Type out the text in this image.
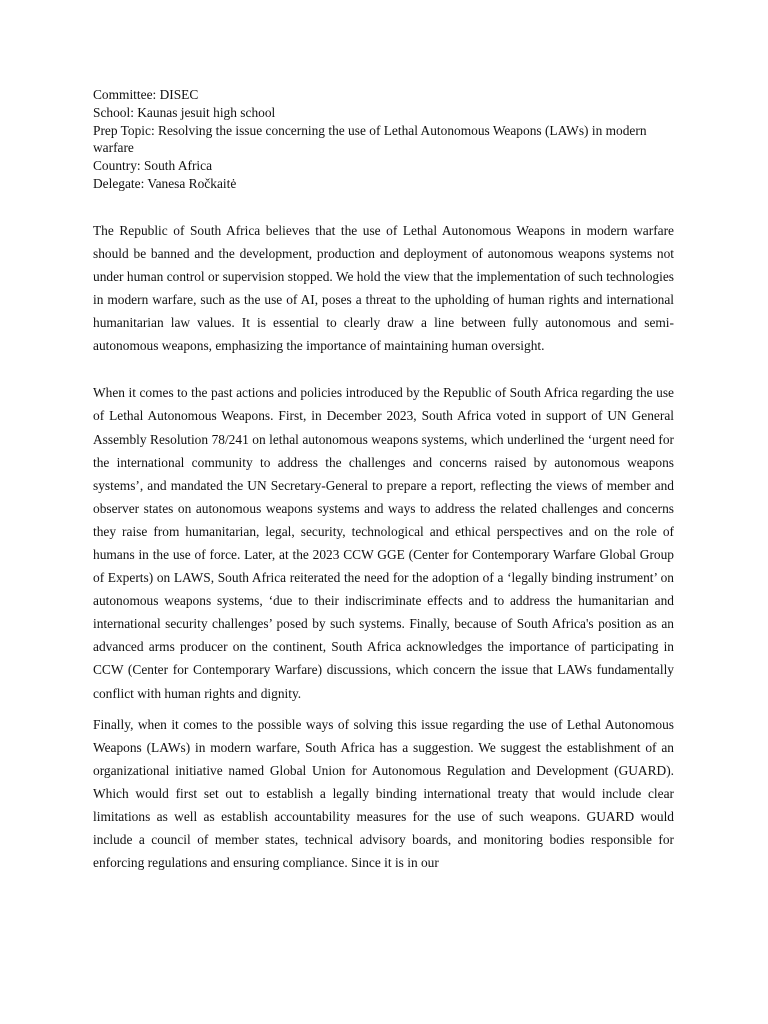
Committee: DISEC
School: Kaunas jesuit high school
Prep Topic: Resolving the issue concerning the use of Lethal Autonomous Weapons (LAWs) in modern warfare
Country: South Africa
Delegate: Vanesa Ročkaitė

The Republic of South Africa believes that the use of Lethal Autonomous Weapons in modern warfare should be banned and the development, production and deployment of autonomous weapons systems not under human control or supervision stopped. We hold the view that the implementation of such technologies in modern warfare, such as the use of AI, poses a threat to the upholding of human rights and international humanitarian law values. It is essential to clearly draw a line between fully autonomous and semi-autonomous weapons, emphasizing the importance of maintaining human oversight.

When it comes to the past actions and policies introduced by the Republic of South Africa regarding the use of Lethal Autonomous Weapons. First, in December 2023, South Africa voted in support of UN General Assembly Resolution 78/241 on lethal autonomous weapons systems, which underlined the ‘urgent need for the international community to address the challenges and concerns raised by autonomous weapons systems’, and mandated the UN Secretary-General to prepare a report, reflecting the views of member and observer states on autonomous weapons systems and ways to address the related challenges and concerns they raise from humanitarian, legal, security, technological and ethical perspectives and on the role of humans in the use of force. Later, at the 2023 CCW GGE (Center for Contemporary Warfare Global Group of Experts) on LAWS, South Africa reiterated the need for the adoption of a ‘legally binding instrument’ on autonomous weapons systems, ‘due to their indiscriminate effects and to address the humanitarian and international security challenges’ posed by such systems. Finally, because of South Africa's position as an advanced arms producer on the continent, South Africa acknowledges the importance of participating in CCW (Center for Contemporary Warfare) discussions, which concern the issue that LAWs fundamentally conflict with human rights and dignity.

Finally, when it comes to the possible ways of solving this issue regarding the use of Lethal Autonomous Weapons (LAWs) in modern warfare, South Africa has a suggestion. We suggest the establishment of an organizational initiative named Global Union for Autonomous Regulation and Development (GUARD). Which would first set out to establish a legally binding international treaty that would include clear limitations as well as establish accountability measures for the use of such weapons. GUARD would include a council of member states, technical advisory boards, and monitoring bodies responsible for enforcing regulations and ensuring compliance. Since it is in our
